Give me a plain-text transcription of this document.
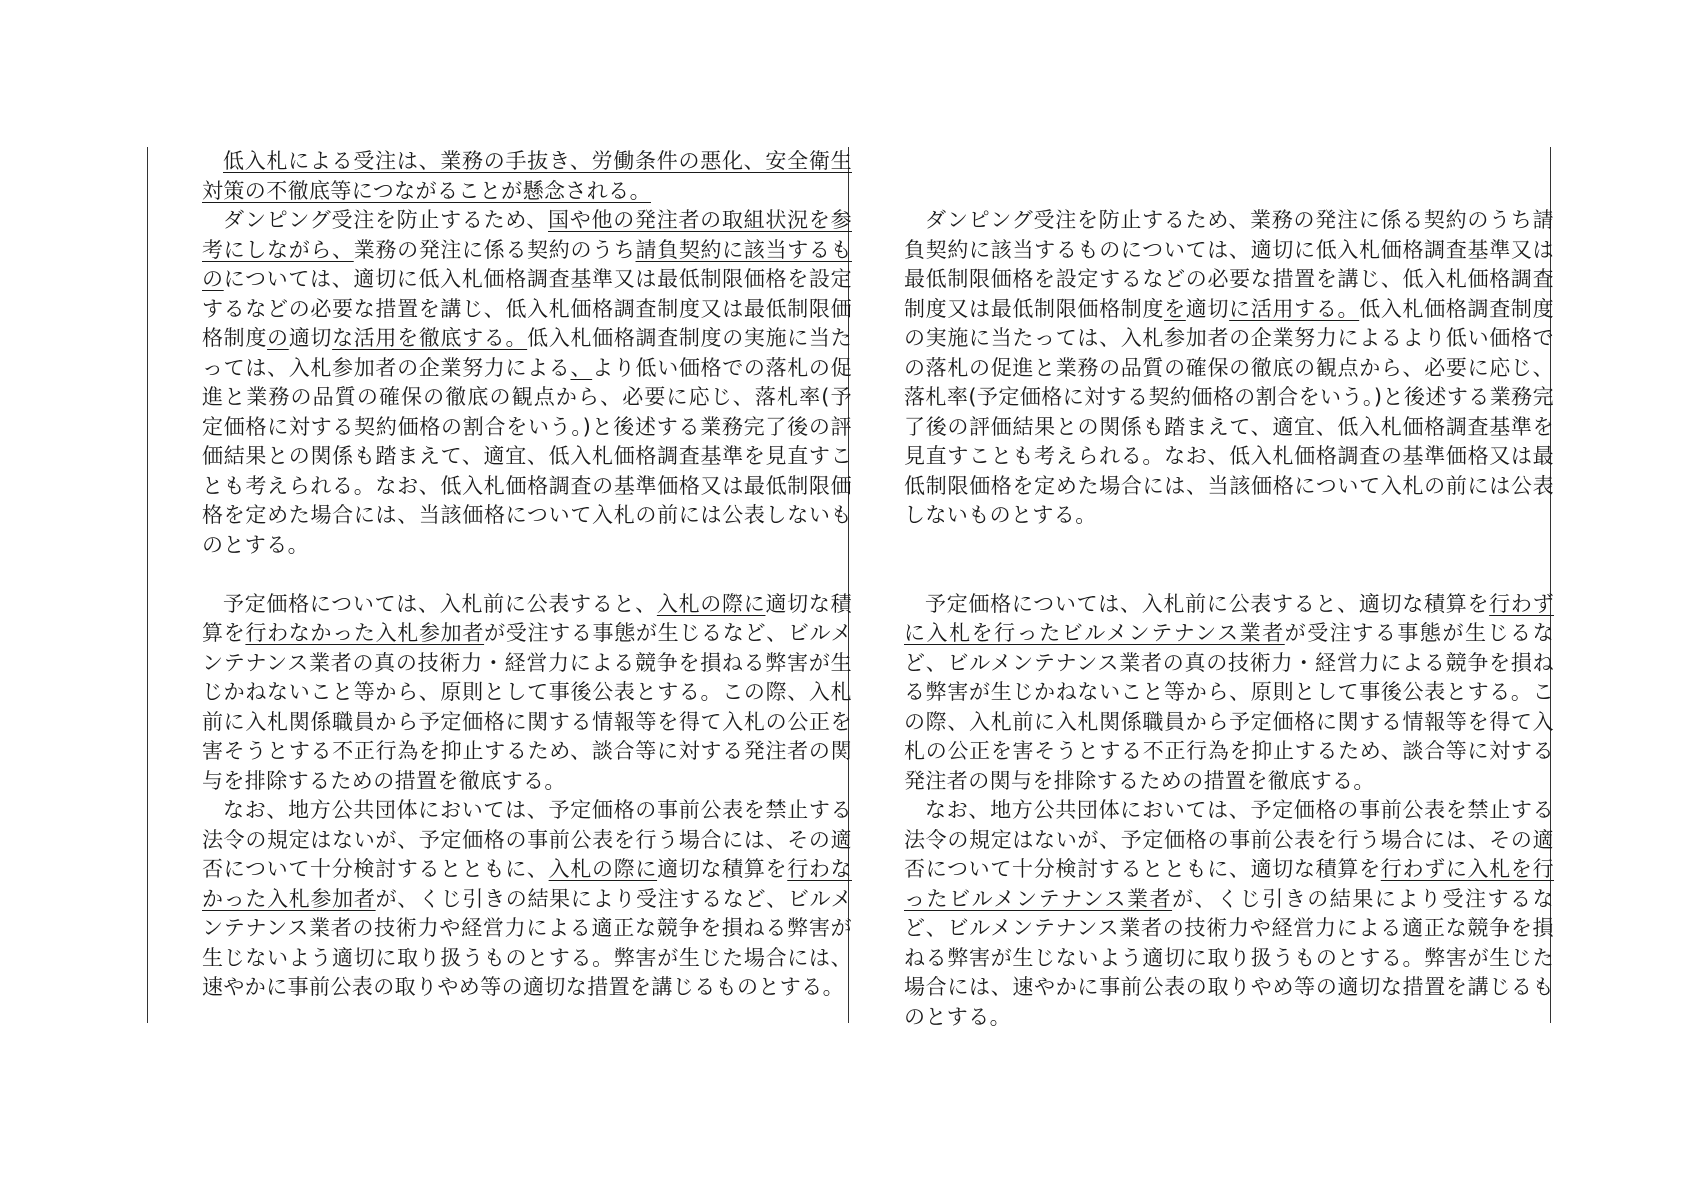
低入札による受注は、業務の手抜き、労働条件の悪化、安全衛生対策の不徹底等につながることが懸念される。

ダンピング受注を防止するため、国や他の発注者の取組状況を参考にしながら、業務の発注に係る契約のうち請負契約に該当するものについては、適切に低入札価格調査基準又は最低制限価格を設定するなどの必要な措置を講じ、低入札価格調査制度又は最低制限価格制度の適切な活用を徹底する。低入札価格調査制度の実施に当たっては、入札参加者の企業努力による、より低い価格での落札の促進と業務の品質の確保の徹底の観点から、必要に応じ、落札率(予定価格に対する契約価格の割合をいう。)と後述する業務完了後の評価結果との関係も踏まえて、適宜、低入札価格調査基準を見直すことも考えられる。なお、低入札価格調査の基準価格又は最低制限価格を定めた場合には、当該価格について入札の前には公表しないものとする。

予定価格については、入札前に公表すると、入札の際に適切な積算を行わなかった入札参加者が受注する事態が生じるなど、ビルメンテナンス業者の真の技術力・経営力による競争を損ねる弊害が生じかねないこと等から、原則として事後公表とする。この際、入札前に入札関係職員から予定価格に関する情報等を得て入札の公正を害そうとする不正行為を抑止するため、談合等に対する発注者の関与を排除するための措置を徹底する。

なお、地方公共団体においては、予定価格の事前公表を禁止する法令の規定はないが、予定価格の事前公表を行う場合には、その適否について十分検討するとともに、入札の際に適切な積算を行わなかった入札参加者が、くじ引きの結果により受注するなど、ビルメンテナンス業者の技術力や経営力による適正な競争を損ねる弊害が生じないよう適切に取り扱うものとする。弊害が生じた場合には、速やかに事前公表の取りやめ等の適切な措置を講じるものとする。

ダンピング受注を防止するため、業務の発注に係る契約のうち請負契約に該当するものについては、適切に低入札価格調査基準又は最低制限価格を設定するなどの必要な措置を講じ、低入札価格調査制度又は最低制限価格制度を適切に活用する。低入札価格調査制度の実施に当たっては、入札参加者の企業努力によるより低い価格での落札の促進と業務の品質の確保の徹底の観点から、必要に応じ、落札率(予定価格に対する契約価格の割合をいう。)と後述する業務完了後の評価結果との関係も踏まえて、適宜、低入札価格調査基準を見直すことも考えられる。なお、低入札価格調査の基準価格又は最低制限価格を定めた場合には、当該価格について入札の前には公表しないものとする。

予定価格については、入札前に公表すると、適切な積算を行わずに入札を行ったビルメンテナンス業者が受注する事態が生じるなど、ビルメンテナンス業者の真の技術力・経営力による競争を損ねる弊害が生じかねないこと等から、原則として事後公表とする。この際、入札前に入札関係職員から予定価格に関する情報等を得て入札の公正を害そうとする不正行為を抑止するため、談合等に対する発注者の関与を排除するための措置を徹底する。

なお、地方公共団体においては、予定価格の事前公表を禁止する法令の規定はないが、予定価格の事前公表を行う場合には、その適否について十分検討するとともに、適切な積算を行わずに入札を行ったビルメンテナンス業者が、くじ引きの結果により受注するなど、ビルメンテナンス業者の技術力や経営力による適正な競争を損ねる弊害が生じないよう適切に取り扱うものとする。弊害が生じた場合には、速やかに事前公表の取りやめ等の適切な措置を講じるものとする。
